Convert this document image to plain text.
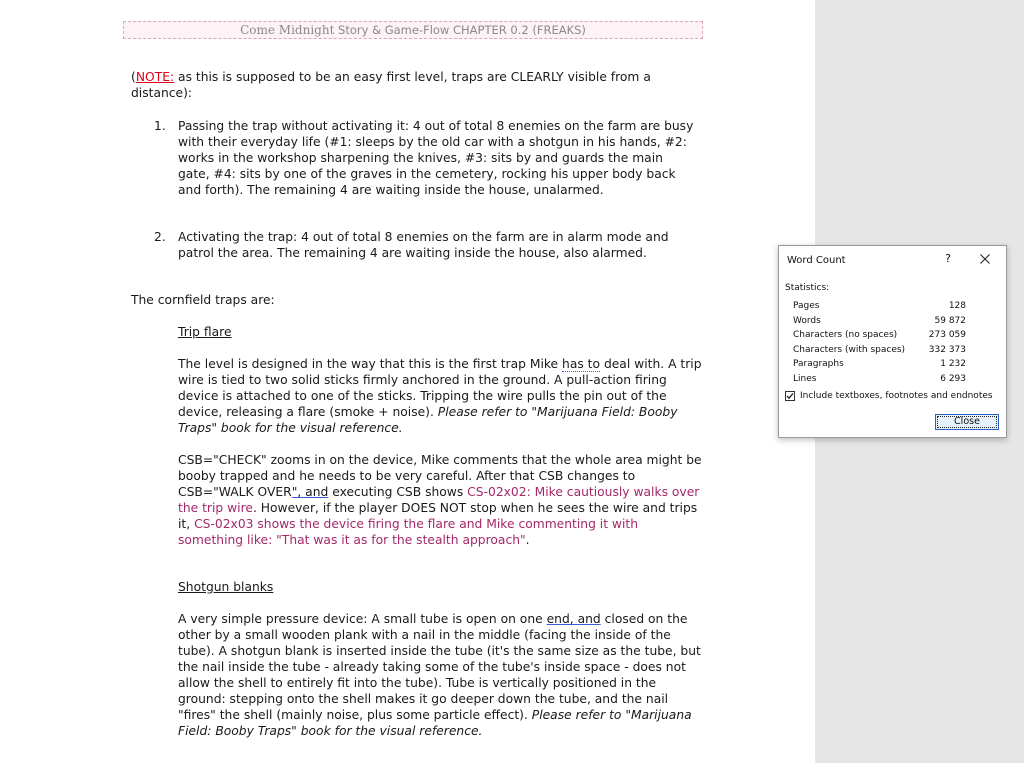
Come Midnight Story & Game-Flow CHAPTER 0.2 (FREAKS)
(NOTE: as this is supposed to be an easy first level, traps are CLEARLY visible from a distance):
1. Passing the trap without activating it: 4 out of total 8 enemies on the farm are busy with their everyday life (#1: sleeps by the old car with a shotgun in his hands, #2: works in the workshop sharpening the knives, #3: sits by and guards the main gate, #4: sits by one of the graves in the cemetery, rocking his upper body back and forth). The remaining 4 are waiting inside the house, unalarmed.
2. Activating the trap: 4 out of total 8 enemies on the farm are in alarm mode and patrol the area. The remaining 4 are waiting inside the house, also alarmed.
The cornfield traps are:
Trip flare
The level is designed in the way that this is the first trap Mike has to deal with. A trip wire is tied to two solid sticks firmly anchored in the ground. A pull-action firing device is attached to one of the sticks. Tripping the wire pulls the pin out of the device, releasing a flare (smoke + noise). Please refer to "Marijuana Field: Booby Traps" book for the visual reference.
CSB="CHECK" zooms in on the device, Mike comments that the whole area might be booby trapped and he needs to be very careful. After that CSB changes to CSB="WALK OVER", and executing CSB shows CS-02x02: Mike cautiously walks over the trip wire. However, if the player DOES NOT stop when he sees the wire and trips it, CS-02x03 shows the device firing the flare and Mike commenting it with something like: "That was it as for the stealth approach".
Shotgun blanks
A very simple pressure device: A small tube is open on one end, and closed on the other by a small wooden plank with a nail in the middle (facing the inside of the tube). A shotgun blank is inserted inside the tube (it's the same size as the tube, but the nail inside the tube - already taking some of the tube's inside space - does not allow the shell to entirely fit into the tube). Tube is vertically positioned in the ground: stepping onto the shell makes it go deeper down the tube, and the nail "fires" the shell (mainly noise, plus some particle effect). Please refer to "Marijuana Field: Booby Traps" book for the visual reference.
Word Count	?
Statistics:
Pages	128
Words	59 872
Characters (no spaces)	273 059
Characters (with spaces)	332 373
Paragraphs	1 232
Lines	6 293
Include textboxes, footnotes and endnotes
Close
